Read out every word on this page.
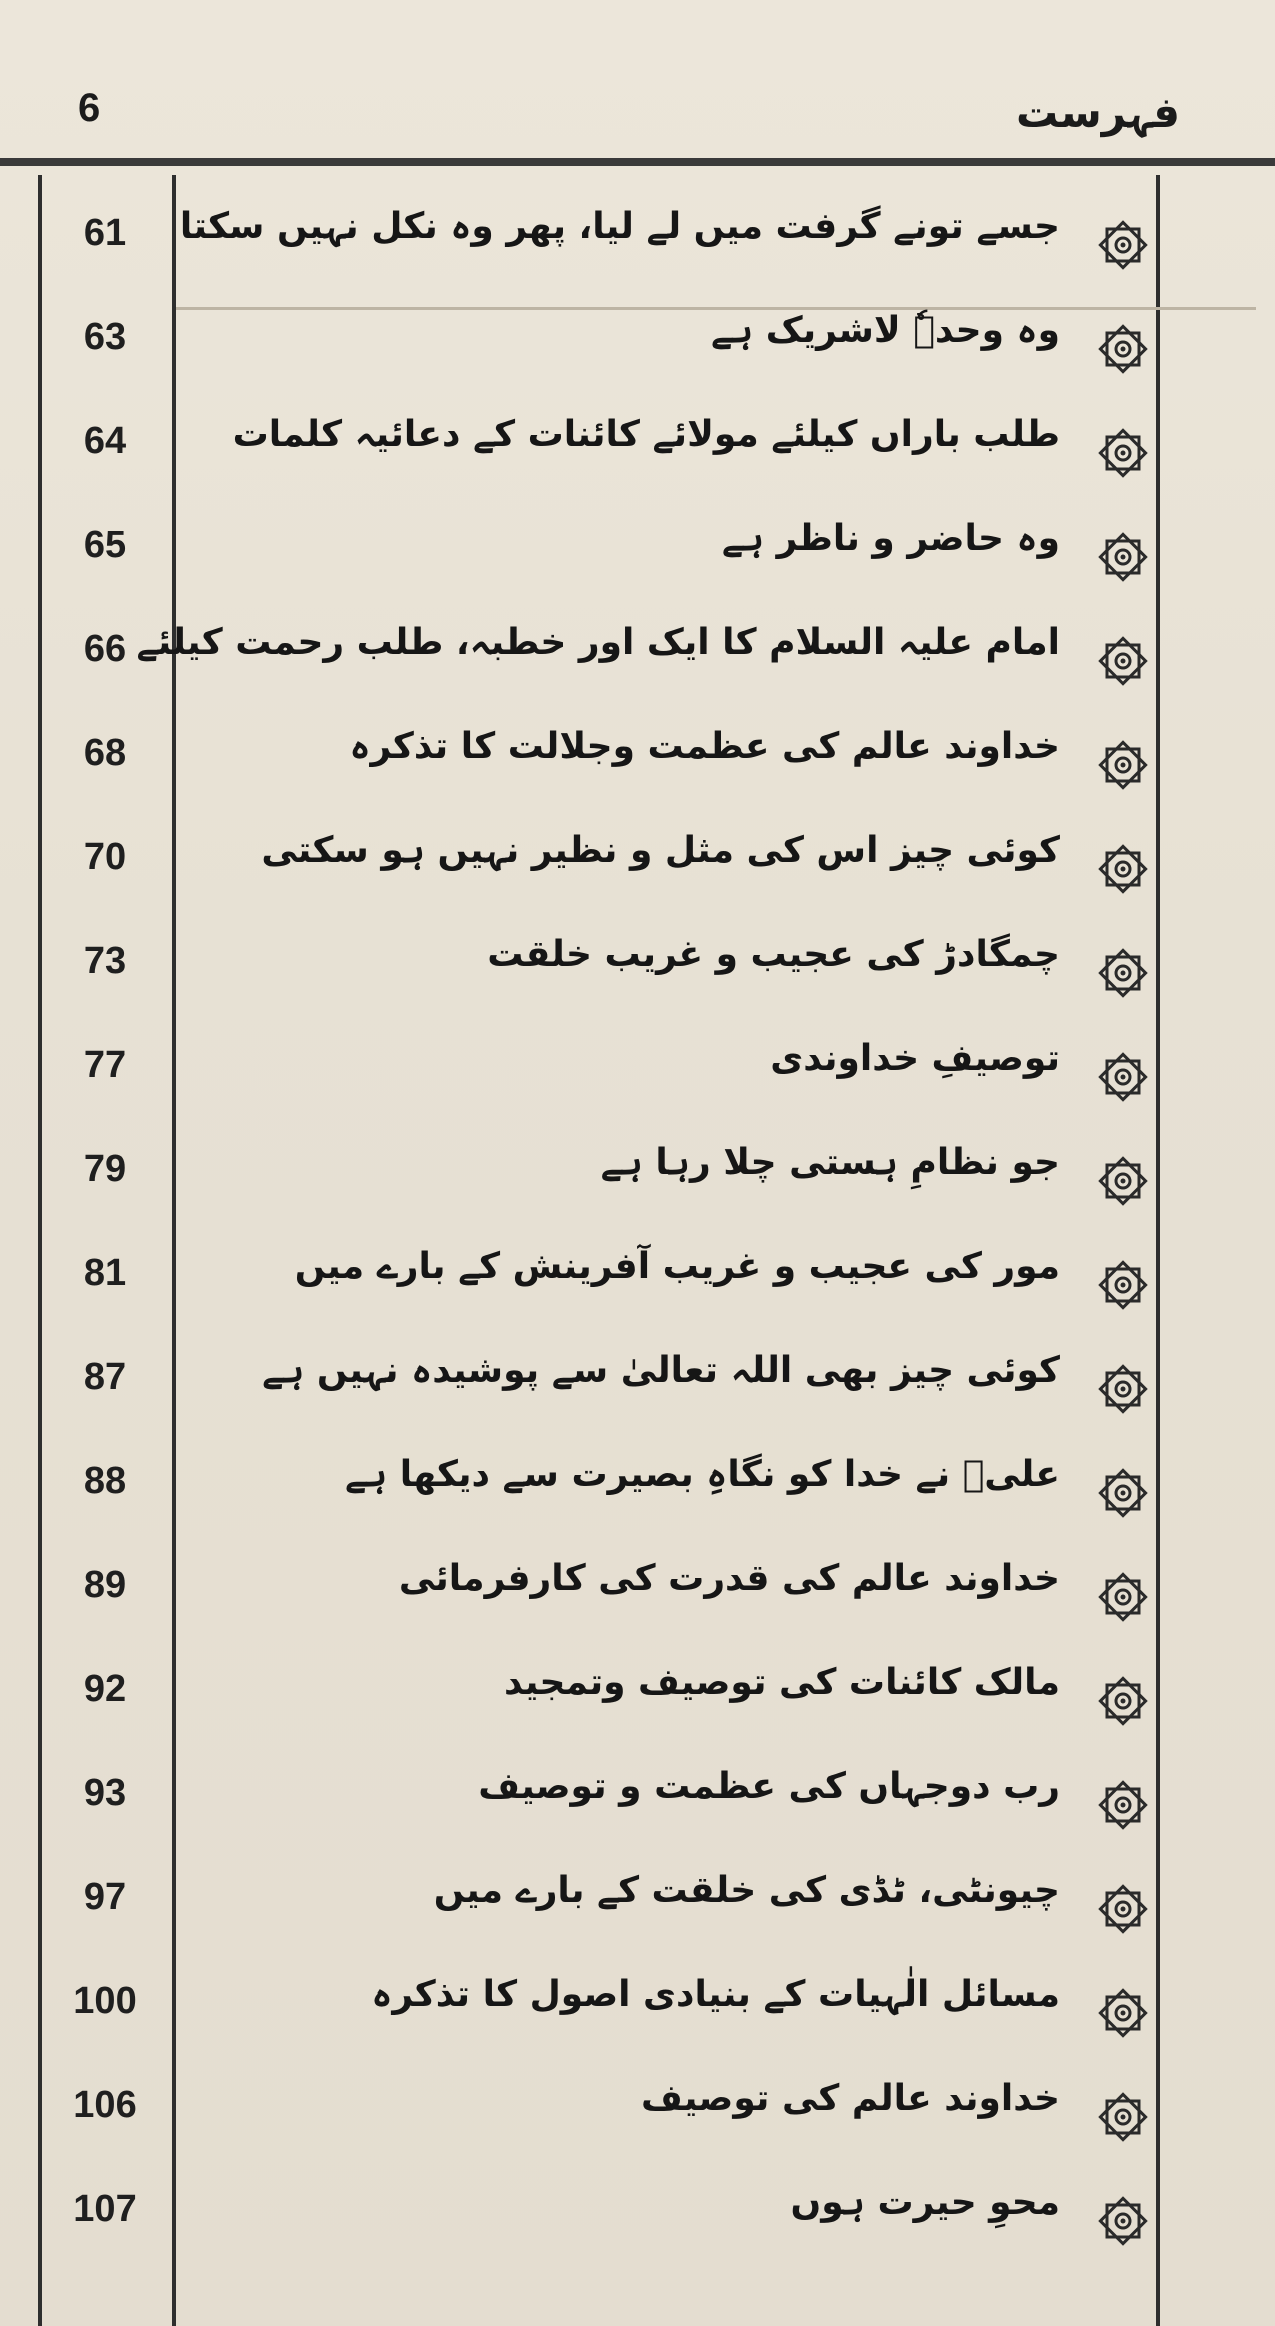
6	فہرست
61	جسے تونے گرفت میں لے لیا، پھر وہ نکل نہیں سکتا
63	وہ وحدہٗ لاشریک ہے
64	طلب باراں کیلئے مولائے کائنات کے دعائیہ کلمات
65	وہ حاضر و ناظر ہے
66 امام علیہ السلام کا ایک اور خطبہ، طلب رحمت کیلئے
68	خداوند عالم کی عظمت وجلالت کا تذکرہ
70	کوئی چیز اس کی مثل و نظیر نہیں ہو سکتی
73	چمگادڑ کی عجیب و غریب خلقت
77	توصیفِ خداوندی
79	جو نظامِ ہستی چلا رہا ہے
81	مور کی عجیب و غریب آفرینش کے بارے میں
87	کوئی چیز بھی اللہ تعالیٰ سے پوشیدہ نہیں ہے
88	علیؑ نے خدا کو نگاہِ بصیرت سے دیکھا ہے
89	خداوند عالم کی قدرت کی کارفرمائی
92	مالک کائنات کی توصیف وتمجید
93	رب دوجہاں کی عظمت و توصیف
97	چیونٹی، ٹڈی کی خلقت کے بارے میں
100	مسائل الٰہیات کے بنیادی اصول کا تذکرہ
106	خداوند عالم کی توصیف
107	محوِ حیرت ہوں
